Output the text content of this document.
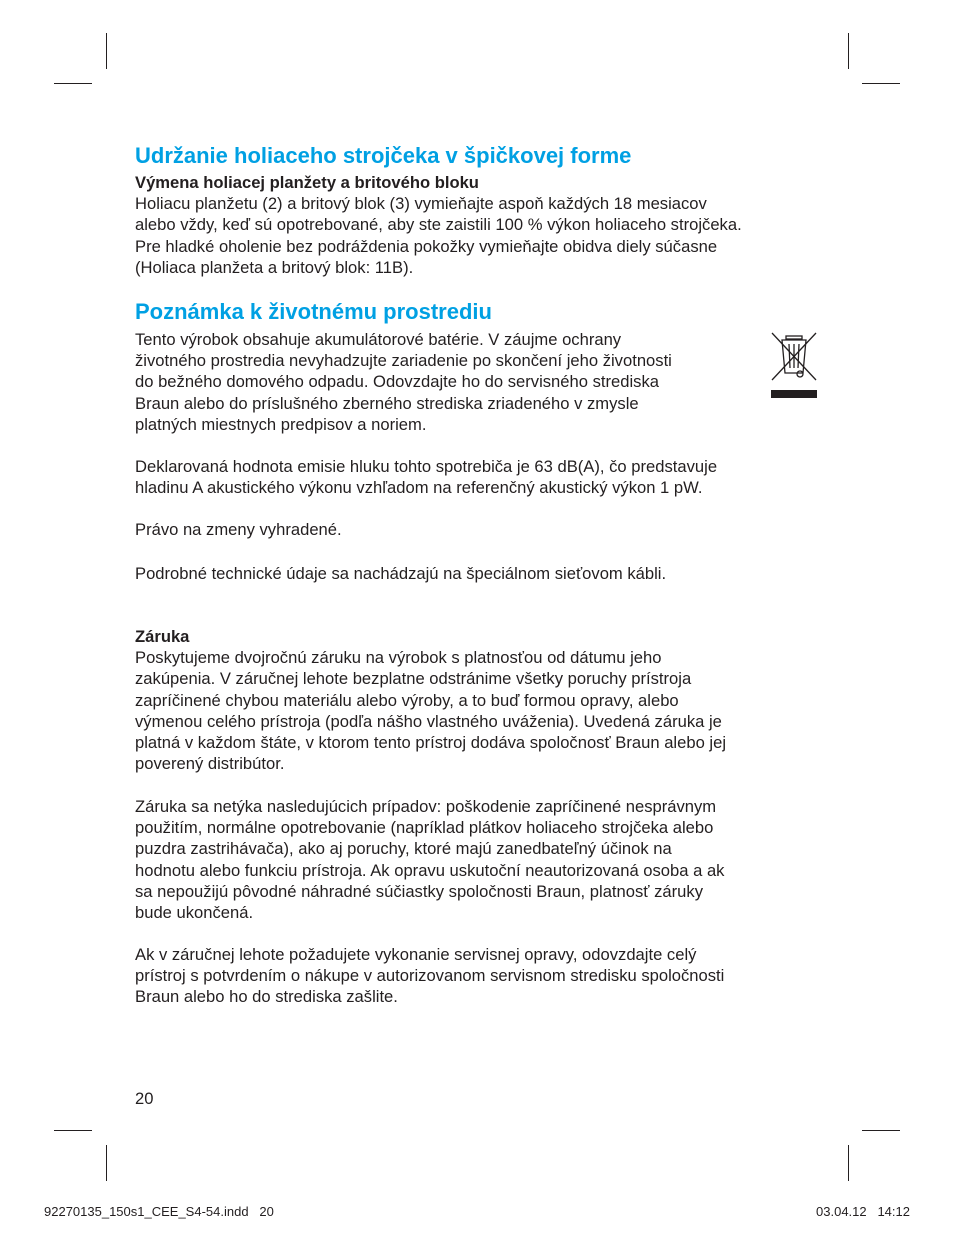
Udržanie holiaceho strojčeka v špičkovej forme

Výmena holiacej planžety a britového bloku

Holiacu planžetu (2) a britový blok (3) vymieňajte aspoň každých 18 mesiacov

alebo vždy, keď sú opotrebované, aby ste zaistili 100 % výkon holiaceho strojčeka.

Pre hladké oholenie bez podráždenia pokožky vymieňajte obidva diely súčasne

(Holiaca planžeta a britový blok: 11B).

Poznámka k životnému prostrediu

Tento výrobok obsahuje akumulátorové batérie. V záujme ochrany

životného prostredia nevyhadzujte zariadenie po skončení jeho životnosti

do bežného domového odpadu. Odovzdajte ho do servisného strediska

Braun alebo do príslušného zberného strediska zriadeného v zmysle

platných miestnych predpisov a noriem.

Deklarovaná hodnota emisie hluku tohto spotrebiča je 63 dB(A), čo predstavuje

hladinu A akustického výkonu vzhľadom na referenčný akustický výkon 1 pW.

Právo na zmeny vyhradené.
Podrobné technické údaje sa nachádzajú na špeciálnom sieťovom kábli.

Záruka

Poskytujeme dvojročnú záruku na výrobok s platnosťou od dátumu jeho

zakúpenia. V záručnej lehote bezplatne odstránime všetky poruchy prístroja

zapríčinené chybou materiálu alebo výroby, a to buď formou opravy, alebo

výmenou celého prístroja (podľa nášho vlastného uváženia). Uvedená záruka je

platná v každom štáte, v ktorom tento prístroj dodáva spoločnosť Braun alebo jej

poverený distribútor.

Záruka sa netýka nasledujúcich prípadov: poškodenie zapríčinené nesprávnym

použitím, normálne opotrebovanie (napríklad plátkov holiaceho strojčeka alebo

puzdra zastrihávača), ako aj poruchy, ktoré majú zanedbateľný účinok na

hodnotu alebo funkciu prístroja. Ak opravu uskutoční neautorizovaná osoba a ak

sa nepoužijú pôvodné náhradné súčiastky spoločnosti Braun, platnosť záruky

bude ukončená.

Ak v záručnej lehote požadujete vykonanie servisnej opravy, odovzdajte celý

prístroj s potvrdením o nákupe v autorizovanom servisnom stredisku spoločnosti

Braun alebo ho do strediska zašlite.

20
92270135_150s1_CEE_S4-54.indd   20	03.04.12   14:12
